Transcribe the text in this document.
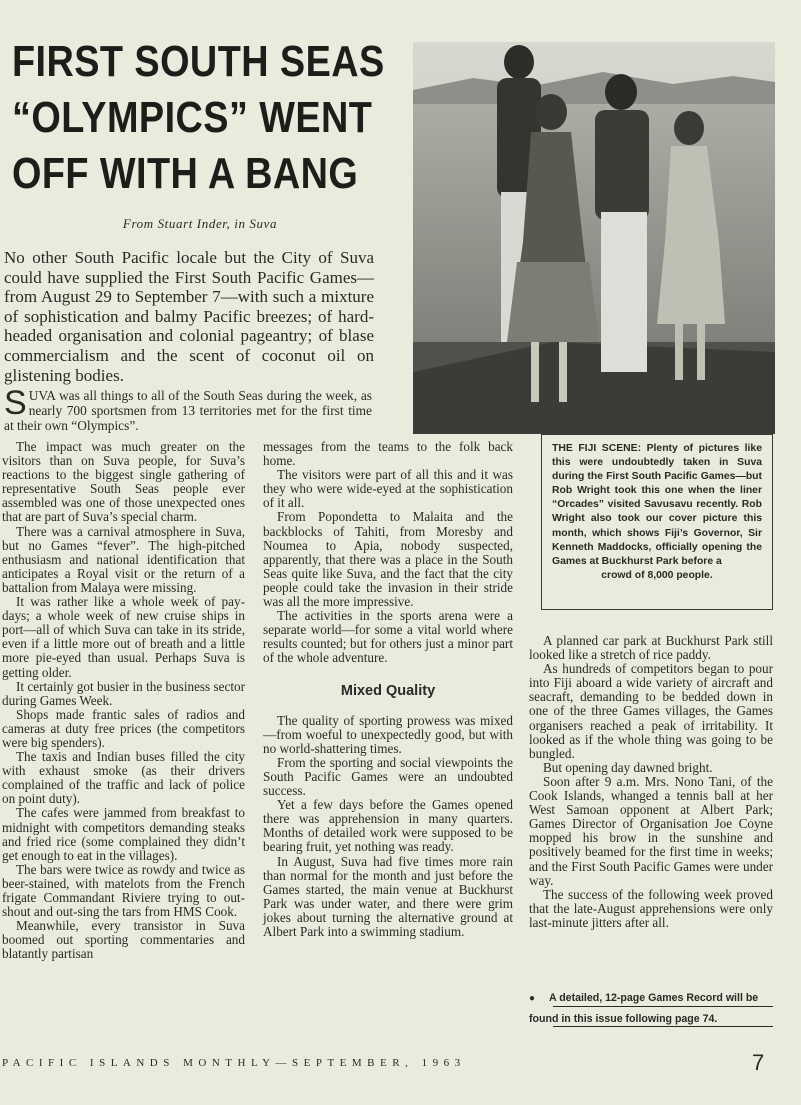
FIRST SOUTH SEAS
“OLYMPICS” WENT
OFF WITH A BANG
From Stuart Inder, in Suva
No other South Pacific locale but the City of Suva could have supplied the First South Pacific Games—from August 29 to September 7—with such a mixture of sophistication and balmy Pacific breezes; of hard-headed organisation and colonial pageantry; of blase commercialism and the scent of coconut oil on glistening bodies.
SUVA was all things to all of the South Seas during the week, as nearly 700 sportsmen from 13 territories met for the first time at their own “Olympics”.

The impact was much greater on the visitors than on Suva people, for Suva’s reactions to the biggest single gathering of representative South Seas people ever assembled was one of those unexpected ones that are part of Suva’s special charm.

There was a carnival atmosphere in Suva, but no Games “fever”. The high-pitched enthusiasm and national identification that anticipates a Royal visit or the return of a battalion from Malaya were missing.

It was rather like a whole week of pay-days; a whole week of new cruise ships in port—all of which Suva can take in its stride, even if a little more out of breath and a little more pie-eyed than usual. Perhaps Suva is getting older.

It certainly got busier in the business sector during Games Week.

Shops made frantic sales of radios and cameras at duty free prices (the competitors were big spenders).

The taxis and Indian buses filled the city with exhaust smoke (as their drivers complained of the traffic and lack of police on point duty).

The cafes were jammed from breakfast to midnight with competitors demanding steaks and fried rice (some complained they didn’t get enough to eat in the villages).

The bars were twice as rowdy and twice as beer-stained, with matelots from the French frigate Commandant Riviere trying to out-shout and out-sing the tars from HMS Cook.

Meanwhile, every transistor in Suva boomed out sporting commentaries and blatantly partisan

messages from the teams to the folk back home.

The visitors were part of all this and it was they who were wide-eyed at the sophistication of it all.

From Popondetta to Malaita and the backblocks of Tahiti, from Moresby and Noumea to Apia, nobody suspected, apparently, that there was a place in the South Seas quite like Suva, and the fact that the city people could take the invasion in their stride was all the more impressive.

The activities in the sports arena were a separate world—for some a vital world where results counted; but for others just a minor part of the whole adventure.

Mixed Quality

The quality of sporting prowess was mixed—from woeful to unexpectedly good, but with no world-shattering times.

From the sporting and social viewpoints the South Pacific Games were an undoubted success.

Yet a few days before the Games opened there was apprehension in many quarters. Months of detailed work were supposed to be bearing fruit, yet nothing was ready.

In August, Suva had five times more rain than normal for the month and just before the Games started, the main venue at Buckhurst Park was under water, and there were grim jokes about turning the alternative ground at Albert Park into a swimming stadium.

THE FIJI SCENE: Plenty of pictures like this were undoubtedly taken in Suva during the First South Pacific Games—but Rob Wright took this one when the liner “Orcades” visited Savusavu recently. Rob Wright also took our cover picture this month, which shows Fiji’s Governor, Sir Kenneth Maddocks, officially opening the Games at Buckhurst Park before a
crowd of 8,000 people.

A planned car park at Buckhurst Park still looked like a stretch of rice paddy.

As hundreds of competitors began to pour into Fiji aboard a wide variety of aircraft and seacraft, demanding to be bedded down in one of the three Games villages, the Games organisers reached a peak of irritability. It looked as if the whole thing was going to be bungled.

But opening day dawned bright.

Soon after 9 a.m. Mrs. Nono Tani, of the Cook Islands, whanged a tennis ball at her West Samoan opponent at Albert Park; Games Director of Organisation Joe Coyne mopped his brow in the sunshine and positively beamed for the first time in weeks; and the First South Pacific Games were under way.

The success of the following week proved that the late-August apprehensions were only last-minute jitters after all.

● A detailed, 12-page Games Record will be found in this issue following page 74.
PACIFIC ISLANDS MONTHLY—SEPTEMBER, 1963	7
